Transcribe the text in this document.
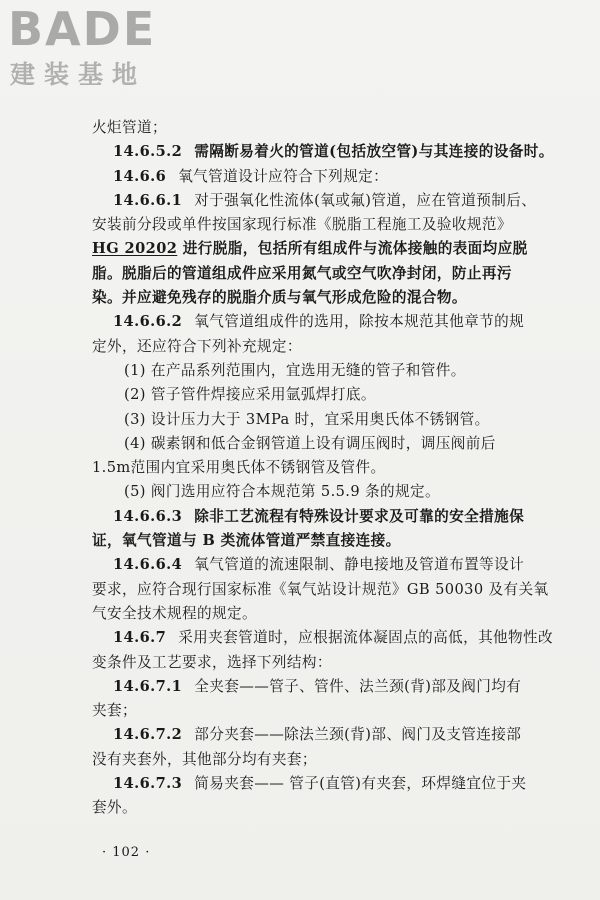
BADE
建装基地
火炬管道；
14.6.5.2 需隔断易着火的管道(包括放空管)与其连接的设备时。
14.6.6 氧气管道设计应符合下列规定：
14.6.6.1 对于强氧化性流体(氧或氟)管道，应在管道预制后、
安装前分段或单件按国家现行标准《脱脂工程施工及验收规范》
HG 20202 进行脱脂，包括所有组成件与流体接触的表面均应脱
脂。脱脂后的管道组成件应采用氮气或空气吹净封闭，防止再污
染。并应避免残存的脱脂介质与氧气形成危险的混合物。
14.6.6.2 氧气管道组成件的选用，除按本规范其他章节的规
定外，还应符合下列补充规定：
(1) 在产品系列范围内，宜选用无缝的管子和管件。
(2) 管子管件焊接应采用氩弧焊打底。
(3) 设计压力大于 3MPa 时，宜采用奥氏体不锈钢管。
(4) 碳素钢和低合金钢管道上设有调压阀时，调压阀前后
1.5m范围内宜采用奥氏体不锈钢管及管件。
(5) 阀门选用应符合本规范第 5.5.9 条的规定。
14.6.6.3 除非工艺流程有特殊设计要求及可靠的安全措施保
证，氧气管道与 B 类流体管道严禁直接连接。
14.6.6.4 氧气管道的流速限制、静电接地及管道布置等设计
要求，应符合现行国家标准《氧气站设计规范》GB 50030 及有关氧
气安全技术规程的规定。
14.6.7 采用夹套管道时，应根据流体凝固点的高低，其他物性改
变条件及工艺要求，选择下列结构：
14.6.7.1 全夹套——管子、管件、法兰颈(背)部及阀门均有
夹套；
14.6.7.2 部分夹套——除法兰颈(背)部、阀门及支管连接部
没有夹套外，其他部分均有夹套；
14.6.7.3 简易夹套—— 管子(直管)有夹套，环焊缝宜位于夹
套外。
· 102 ·
